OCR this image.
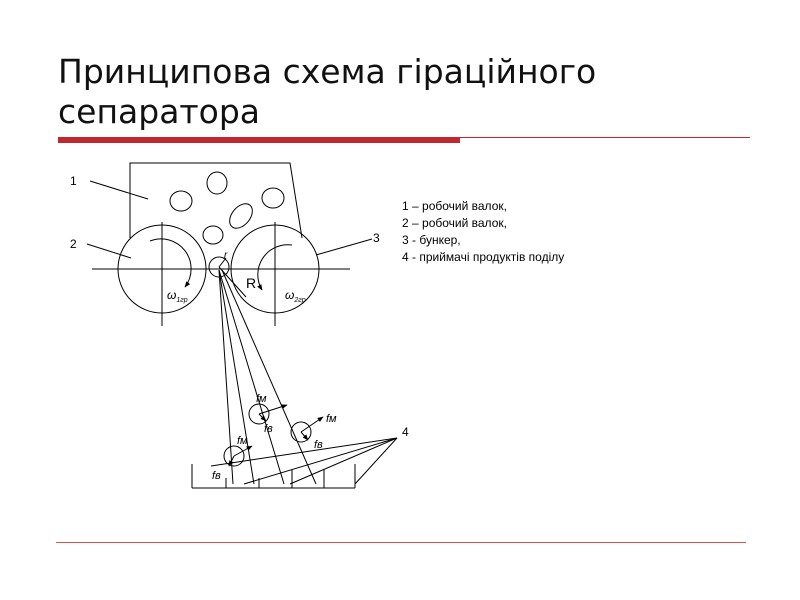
Принципова схема гіраційного
сепаратора
1
2	3
4
R
r
$\omega_{1гр}$	$\omega_{2гр}$
fм
fв
fм
fв
fм
fв
1 – робочий валок,
2 – робочий валок,
3 - бункер,
4 - приймачі продуктів поділу
